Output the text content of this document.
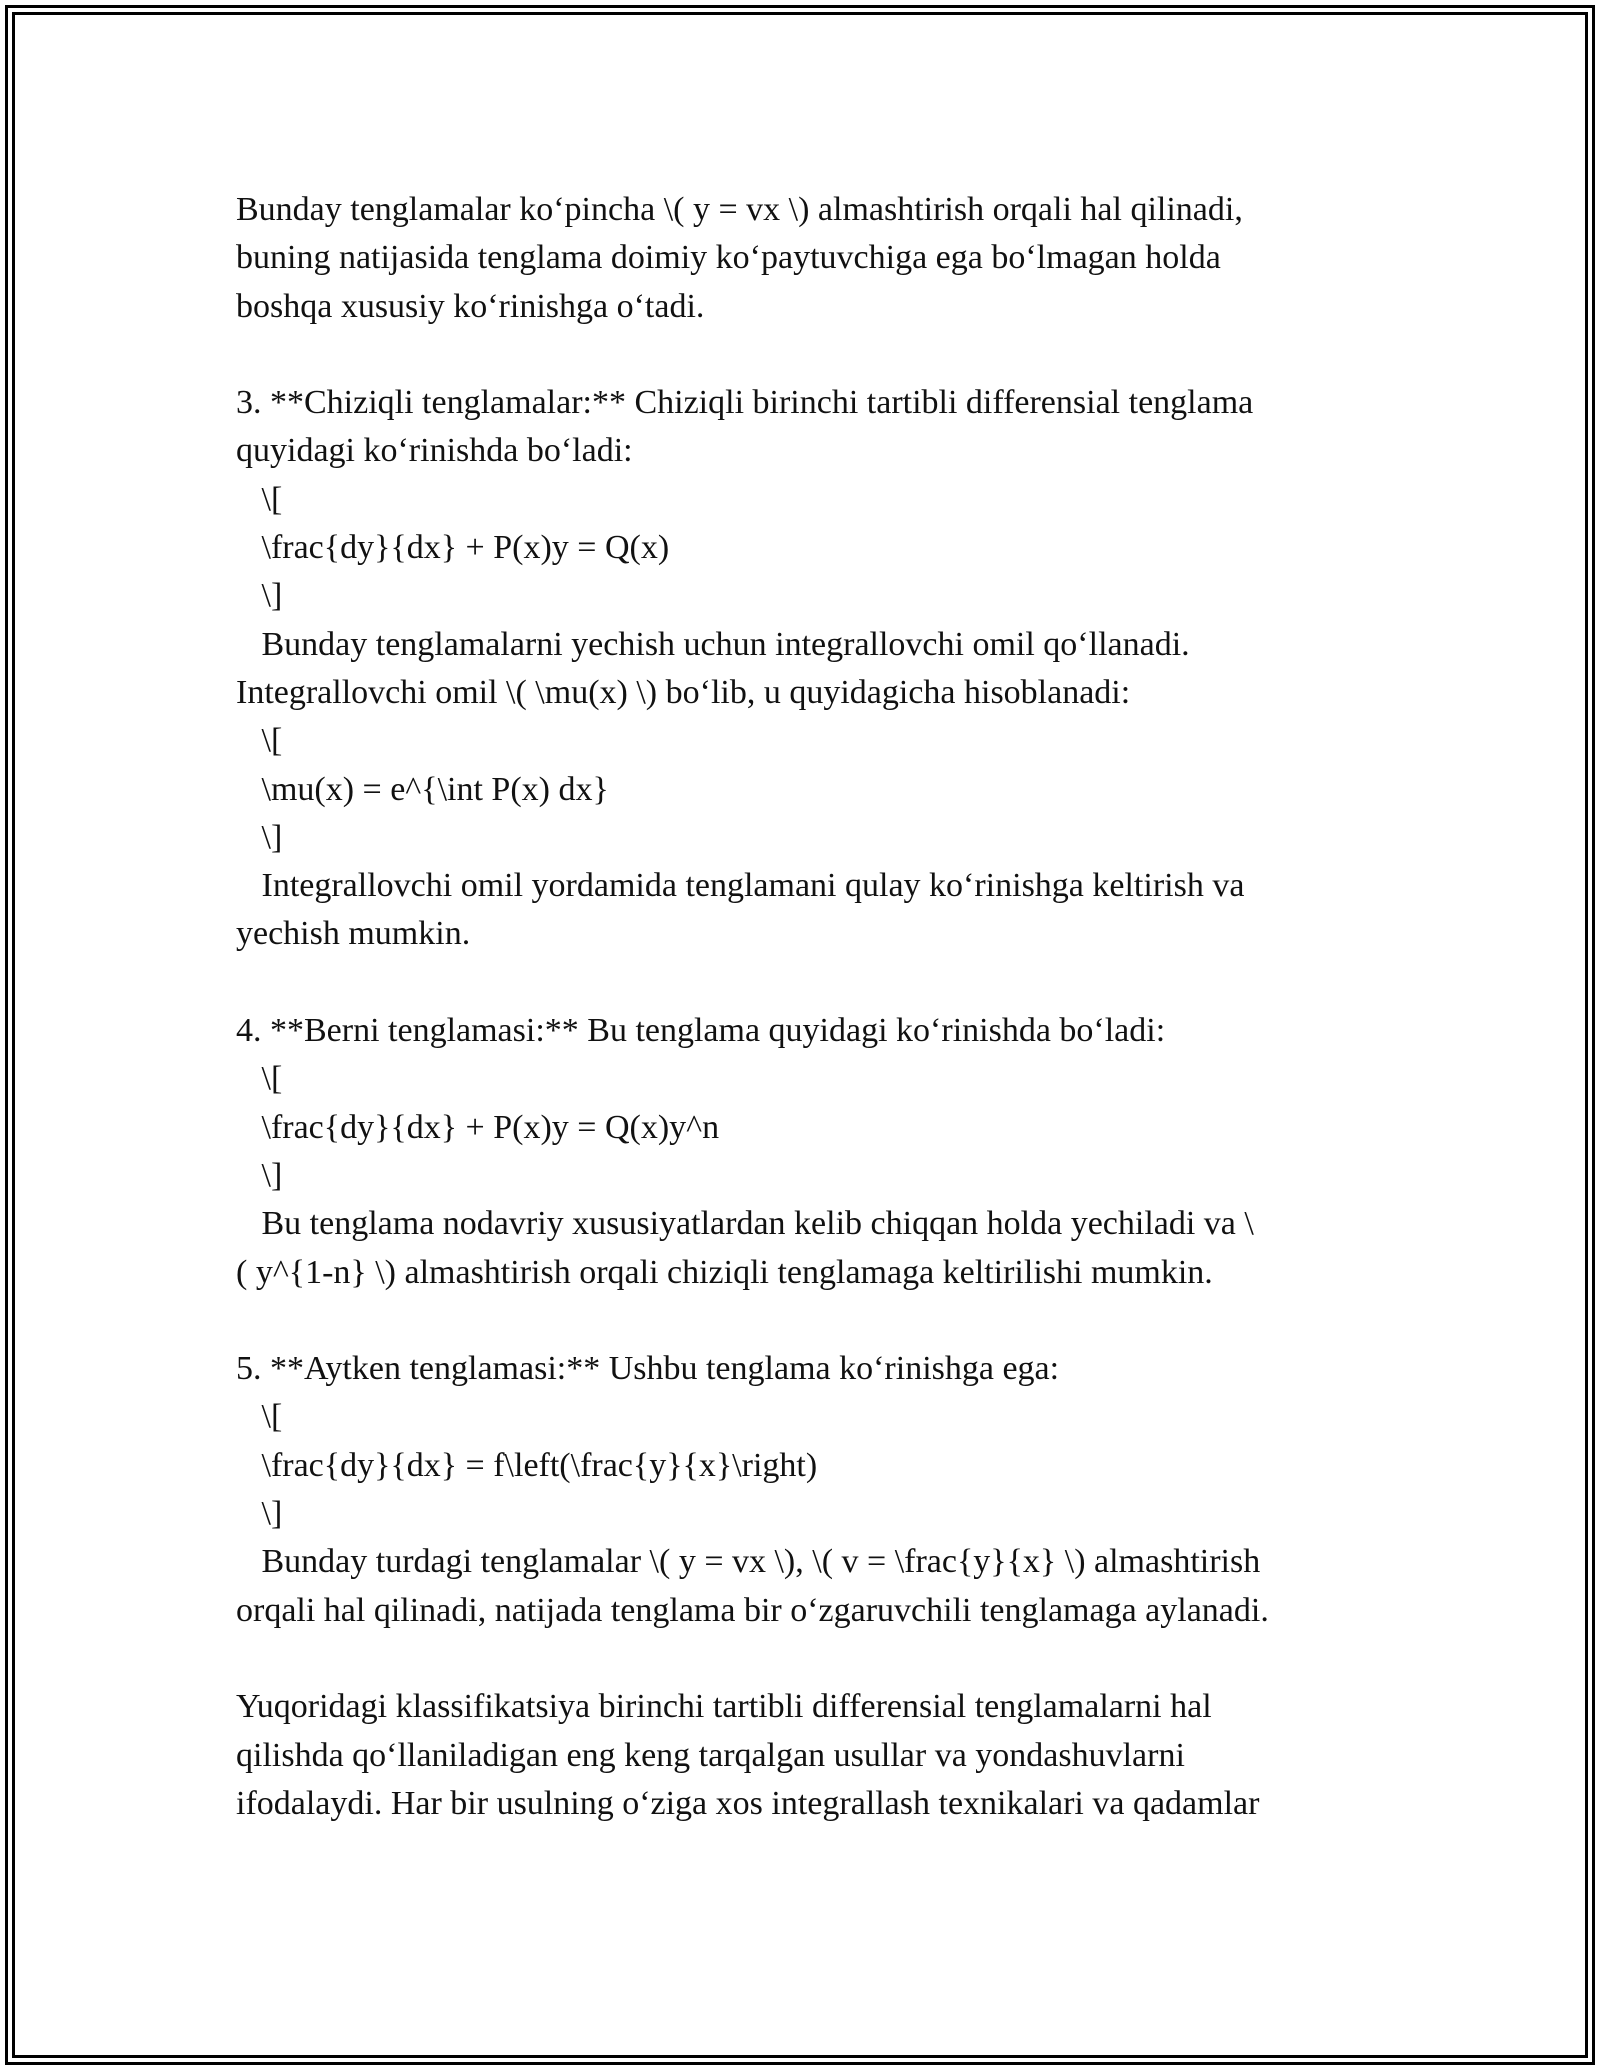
Bunday tenglamalar ko‘pincha \( y = vx \) almashtirish orqali hal qilinadi,
buning natijasida tenglama doimiy ko‘paytuvchiga ega bo‘lmagan holda
boshqa xususiy ko‘rinishga o‘tadi.
3. **Chiziqli tenglamalar:** Chiziqli birinchi tartibli differensial tenglama
quyidagi ko‘rinishda bo‘ladi:
\[
\frac{dy}{dx} + P(x)y = Q(x)
\]
Bunday tenglamalarni yechish uchun integrallovchi omil qo‘llanadi.
Integrallovchi omil \( \mu(x) \) bo‘lib, u quyidagicha hisoblanadi:
\[
\mu(x) = e^{\int P(x) dx}
\]
Integrallovchi omil yordamida tenglamani qulay ko‘rinishga keltirish va
yechish mumkin.
4. **Berni tenglamasi:** Bu tenglama quyidagi ko‘rinishda bo‘ladi:
\[
\frac{dy}{dx} + P(x)y = Q(x)y^n
\]
Bu tenglama nodavriy xususiyatlardan kelib chiqqan holda yechiladi va \
( y^{1-n} \) almashtirish orqali chiziqli tenglamaga keltirilishi mumkin.
5. **Aytken tenglamasi:** Ushbu tenglama ko‘rinishga ega:
\[
\frac{dy}{dx} = f\left(\frac{y}{x}\right)
\]
Bunday turdagi tenglamalar \( y = vx \), \( v = \frac{y}{x} \) almashtirish
orqali hal qilinadi, natijada tenglama bir o‘zgaruvchili tenglamaga aylanadi.
Yuqoridagi klassifikatsiya birinchi tartibli differensial tenglamalarni hal
qilishda qo‘llaniladigan eng keng tarqalgan usullar va yondashuvlarni
ifodalaydi. Har bir usulning o‘ziga xos integrallash texnikalari va qadamlar
